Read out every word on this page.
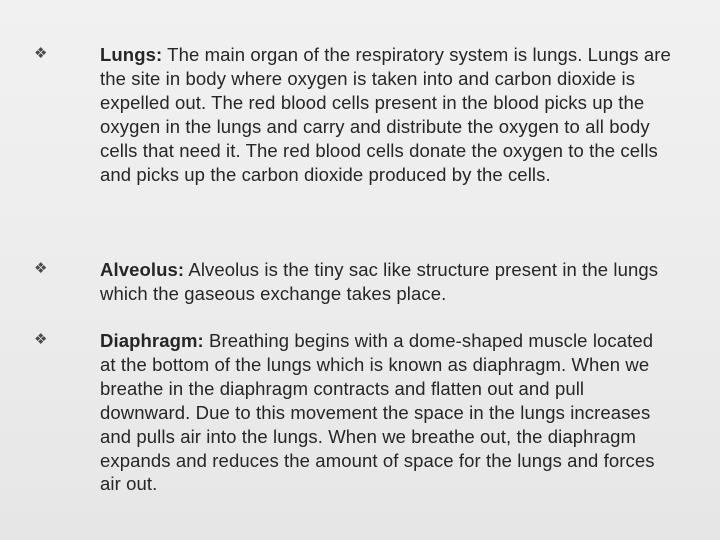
❖	Lungs: The main organ of the respiratory system is lungs. Lungs are the site in body where oxygen is taken into and carbon dioxide is expelled out. The red blood cells present in the blood picks up the oxygen in the lungs and carry and distribute the oxygen to all body cells that need it. The red blood cells donate the oxygen to the cells and picks up the carbon dioxide produced by the cells.
❖	Alveolus: Alveolus is the tiny sac like structure present in the lungs which the gaseous exchange takes place.
❖	Diaphragm: Breathing begins with a dome-shaped muscle located at the bottom of the lungs which is known as diaphragm. When we breathe in the diaphragm contracts and flatten out and pull downward. Due to this movement the space in the lungs increases and pulls air into the lungs. When we breathe out, the diaphragm expands and reduces the amount of space for the lungs and forces air out.
